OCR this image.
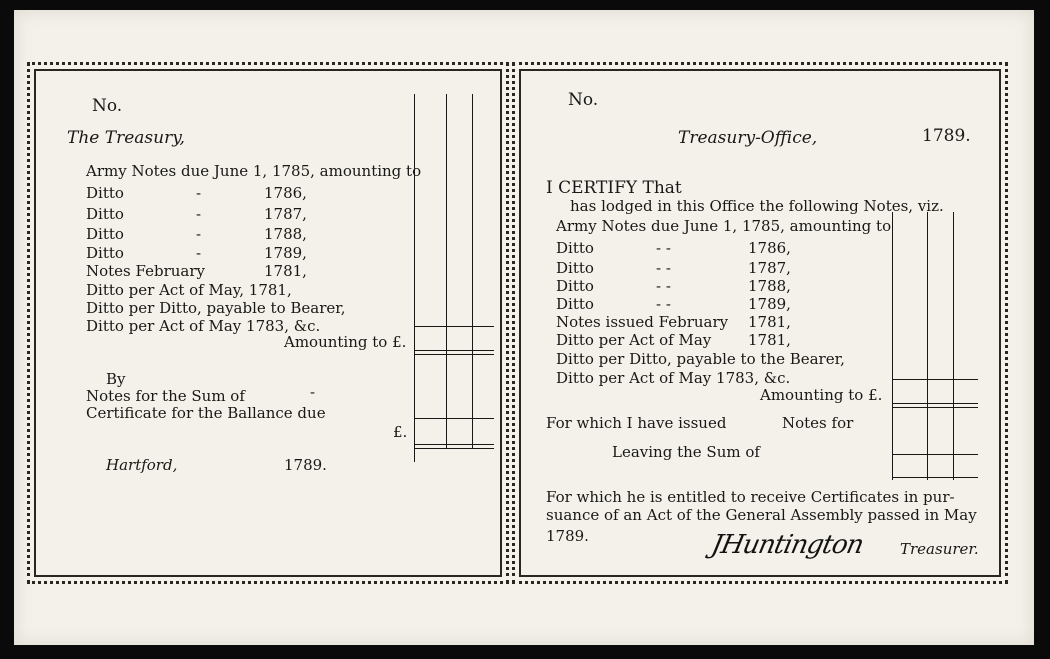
No.
The Treasury,
Army Notes due June 1, 1785, amounting to
Ditto	-	1786,
Ditto	-	1787,
Ditto	-	1788,
Ditto	-	1789,
Notes February	1781,
Ditto per Act of May, 1781,
Ditto per Ditto, payable to Bearer,
Ditto per Act of May 1783, &c.
Amounting to £.
By
Notes for the Sum of	-
Certificate for the Ballance due
£.
Hartford,	1789.
No.
Treasury-Office,	1789.
I CERTIFY That
has lodged in this Office the following Notes, viz.
Army Notes due June 1, 1785, amounting to
Ditto	- -	1786,
Ditto	- -	1787,
Ditto	- -	1788,
Ditto	- -	1789,
Notes issued February 1781,
Ditto per Act of May 1781,
Ditto per Ditto, payable to the Bearer,
Ditto per Act of May 1783, &c.
Amounting to £.
For which I have issued	Notes for
Leaving the Sum of
For which he is entitled to receive Certificates in pur-
suance of an Act of the General Assembly passed in May
1789.	JHuntington Treasurer.
